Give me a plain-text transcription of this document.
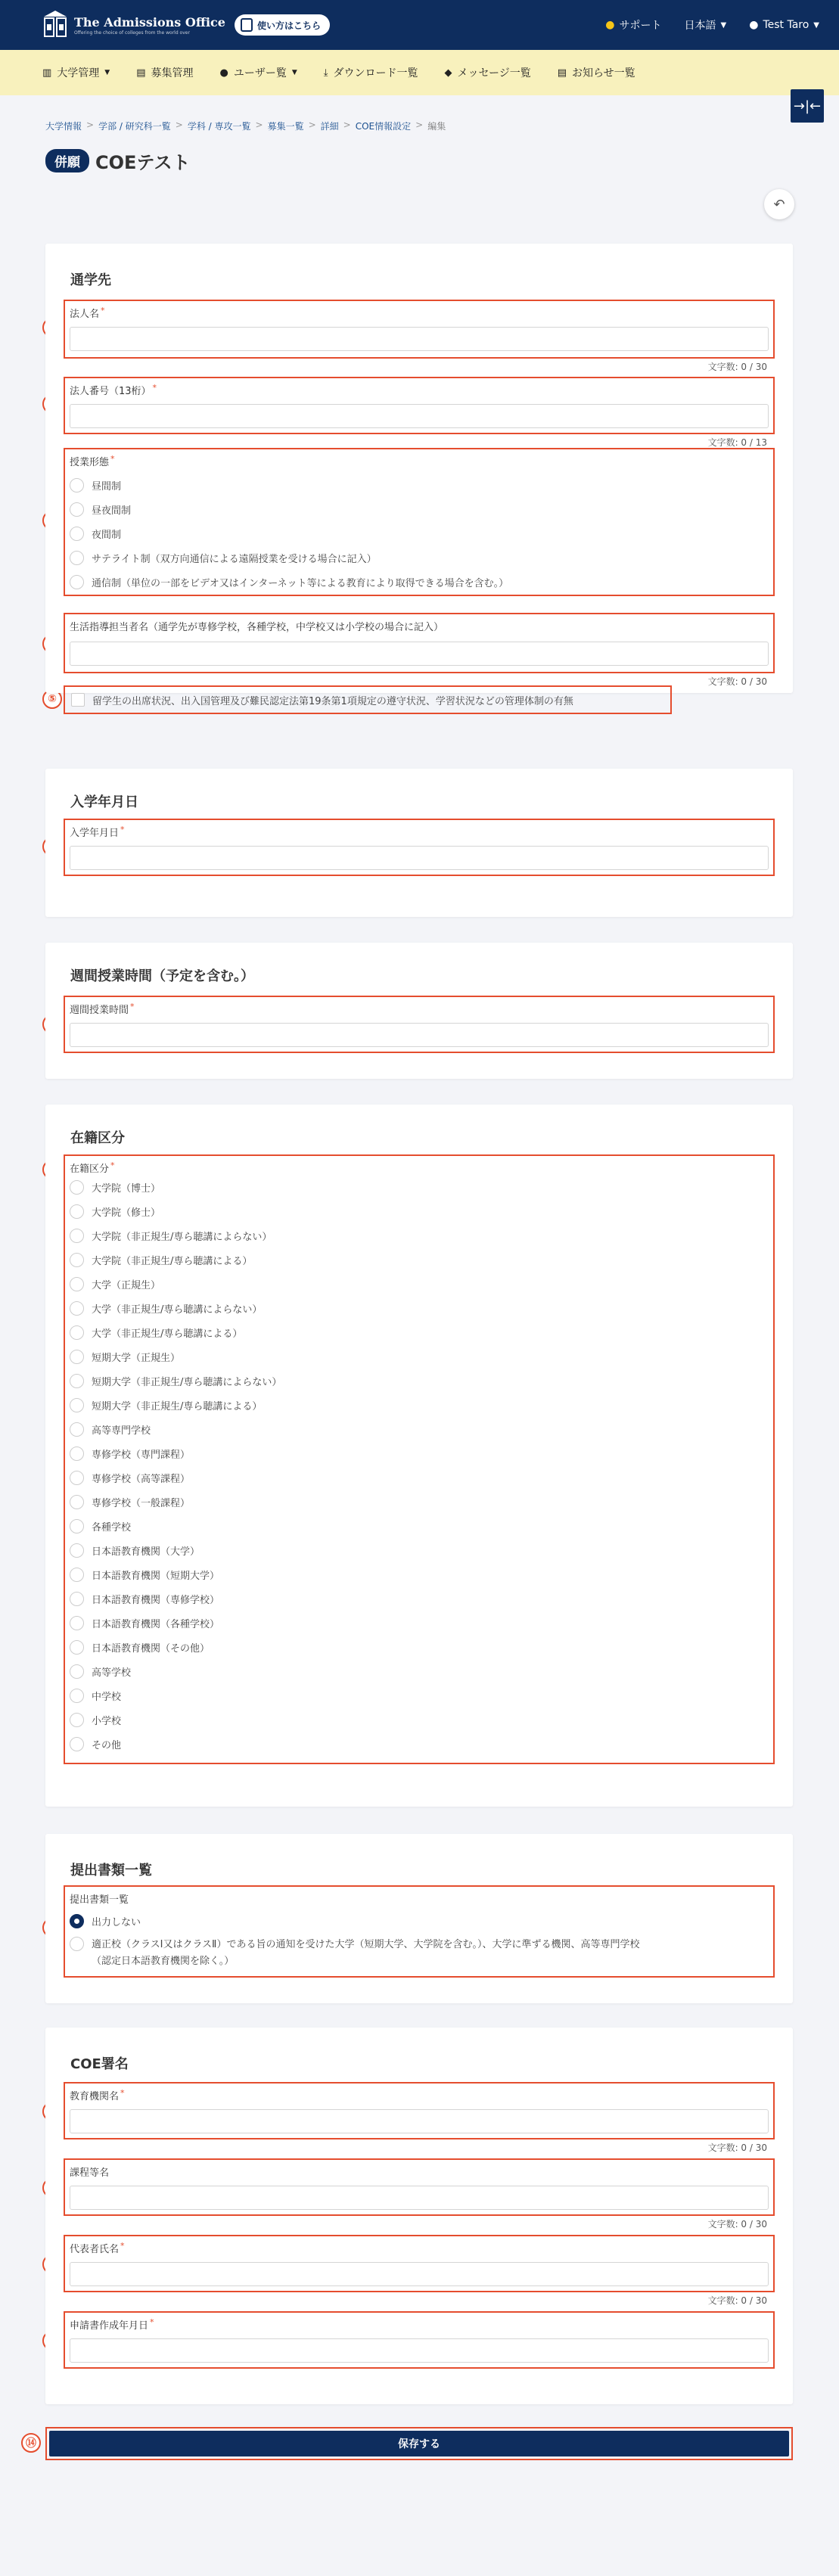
The Admissions Office
Offering the choice of colleges from the world over
使い方はこちら	● サポート 日本語 ▼ ● Test Taro ▼
▥ 大学管理 ▼	▤ 募集管理	● ユーザー覧 ▼	⤓ ダウンロード一覧	◆ メッセージ一覧	▤ お知らせ一覧
→|←
大学情報 > 学部 / 研究科一覧 > 学科 / 専攻一覧 > 募集一覧 > 詳細 > COE情報設定 > 編集
併願 COEテスト
↶
⑤
⑭
通学先
法人名 *
文字数: 0 / 30
法人番号（13桁） *
文字数: 0 / 13
授業形態 *
昼間制
昼夜間制
夜間制
サテライト制（双方向通信による遠隔授業を受ける場合に記入）
通信制（単位の一部をビデオ又はインターネット等による教育により取得できる場合を含む。）
生活指導担当者名（通学先が専修学校，各種学校，中学校又は小学校の場合に記入）
文字数: 0 / 30
留学生の出席状況、出入国管理及び難民認定法第19条第1項規定の遵守状況、学習状況などの管理体制の有無
入学年月日
入学年月日 *
週間授業時間（予定を含む。）
週間授業時間 *
在籍区分
在籍区分 *
大学院（博士）
大学院（修士）
大学院（非正規生/専ら聴講によらない）
大学院（非正規生/専ら聴講による）
大学（正規生）
大学（非正規生/専ら聴講によらない）
大学（非正規生/専ら聴講による）
短期大学（正規生）
短期大学（非正規生/専ら聴講によらない）
短期大学（非正規生/専ら聴講による）
高等専門学校
専修学校（専門課程）
専修学校（高等課程）
専修学校（一般課程）
各種学校
日本語教育機関（大学）
日本語教育機関（短期大学）
日本語教育機関（専修学校）
日本語教育機関（各種学校）
日本語教育機関（その他）
高等学校
中学校
小学校
その他
提出書類一覧
提出書類一覧
出力しない
適正校（クラスⅠ又はクラスⅡ）である旨の通知を受けた大学（短期大学、大学院を含む。）、大学に準ずる機関、高等専門学校
（認定日本語教育機関を除く。）
COE署名
教育機関名 *
文字数: 0 / 30
課程等名
文字数: 0 / 30
代表者氏名 *
文字数: 0 / 30
申請書作成年月日 *
保存する
